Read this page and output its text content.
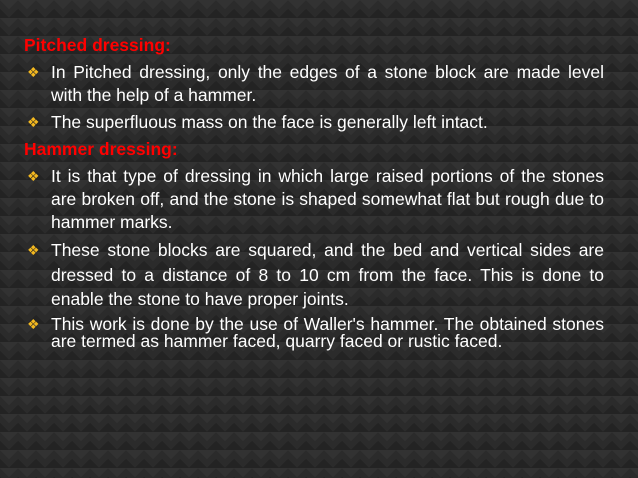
Pitched dressing:
❖ In Pitched dressing, only the edges of a stone block are made level with the help of a hammer.
❖ The superfluous mass on the face is generally left intact.
Hammer dressing:
❖ It is that type of dressing in which large raised portions of the stones are broken off, and the stone is shaped somewhat flat but rough due to hammer marks.
❖ These stone blocks are squared, and the bed and vertical sides are dressed to a distance of 8 to 10 cm from the face. This is done to enable the stone to have proper joints.
❖ This work is done by the use of Waller's hammer. The obtained stones are termed as hammer faced, quarry faced or rustic faced.
